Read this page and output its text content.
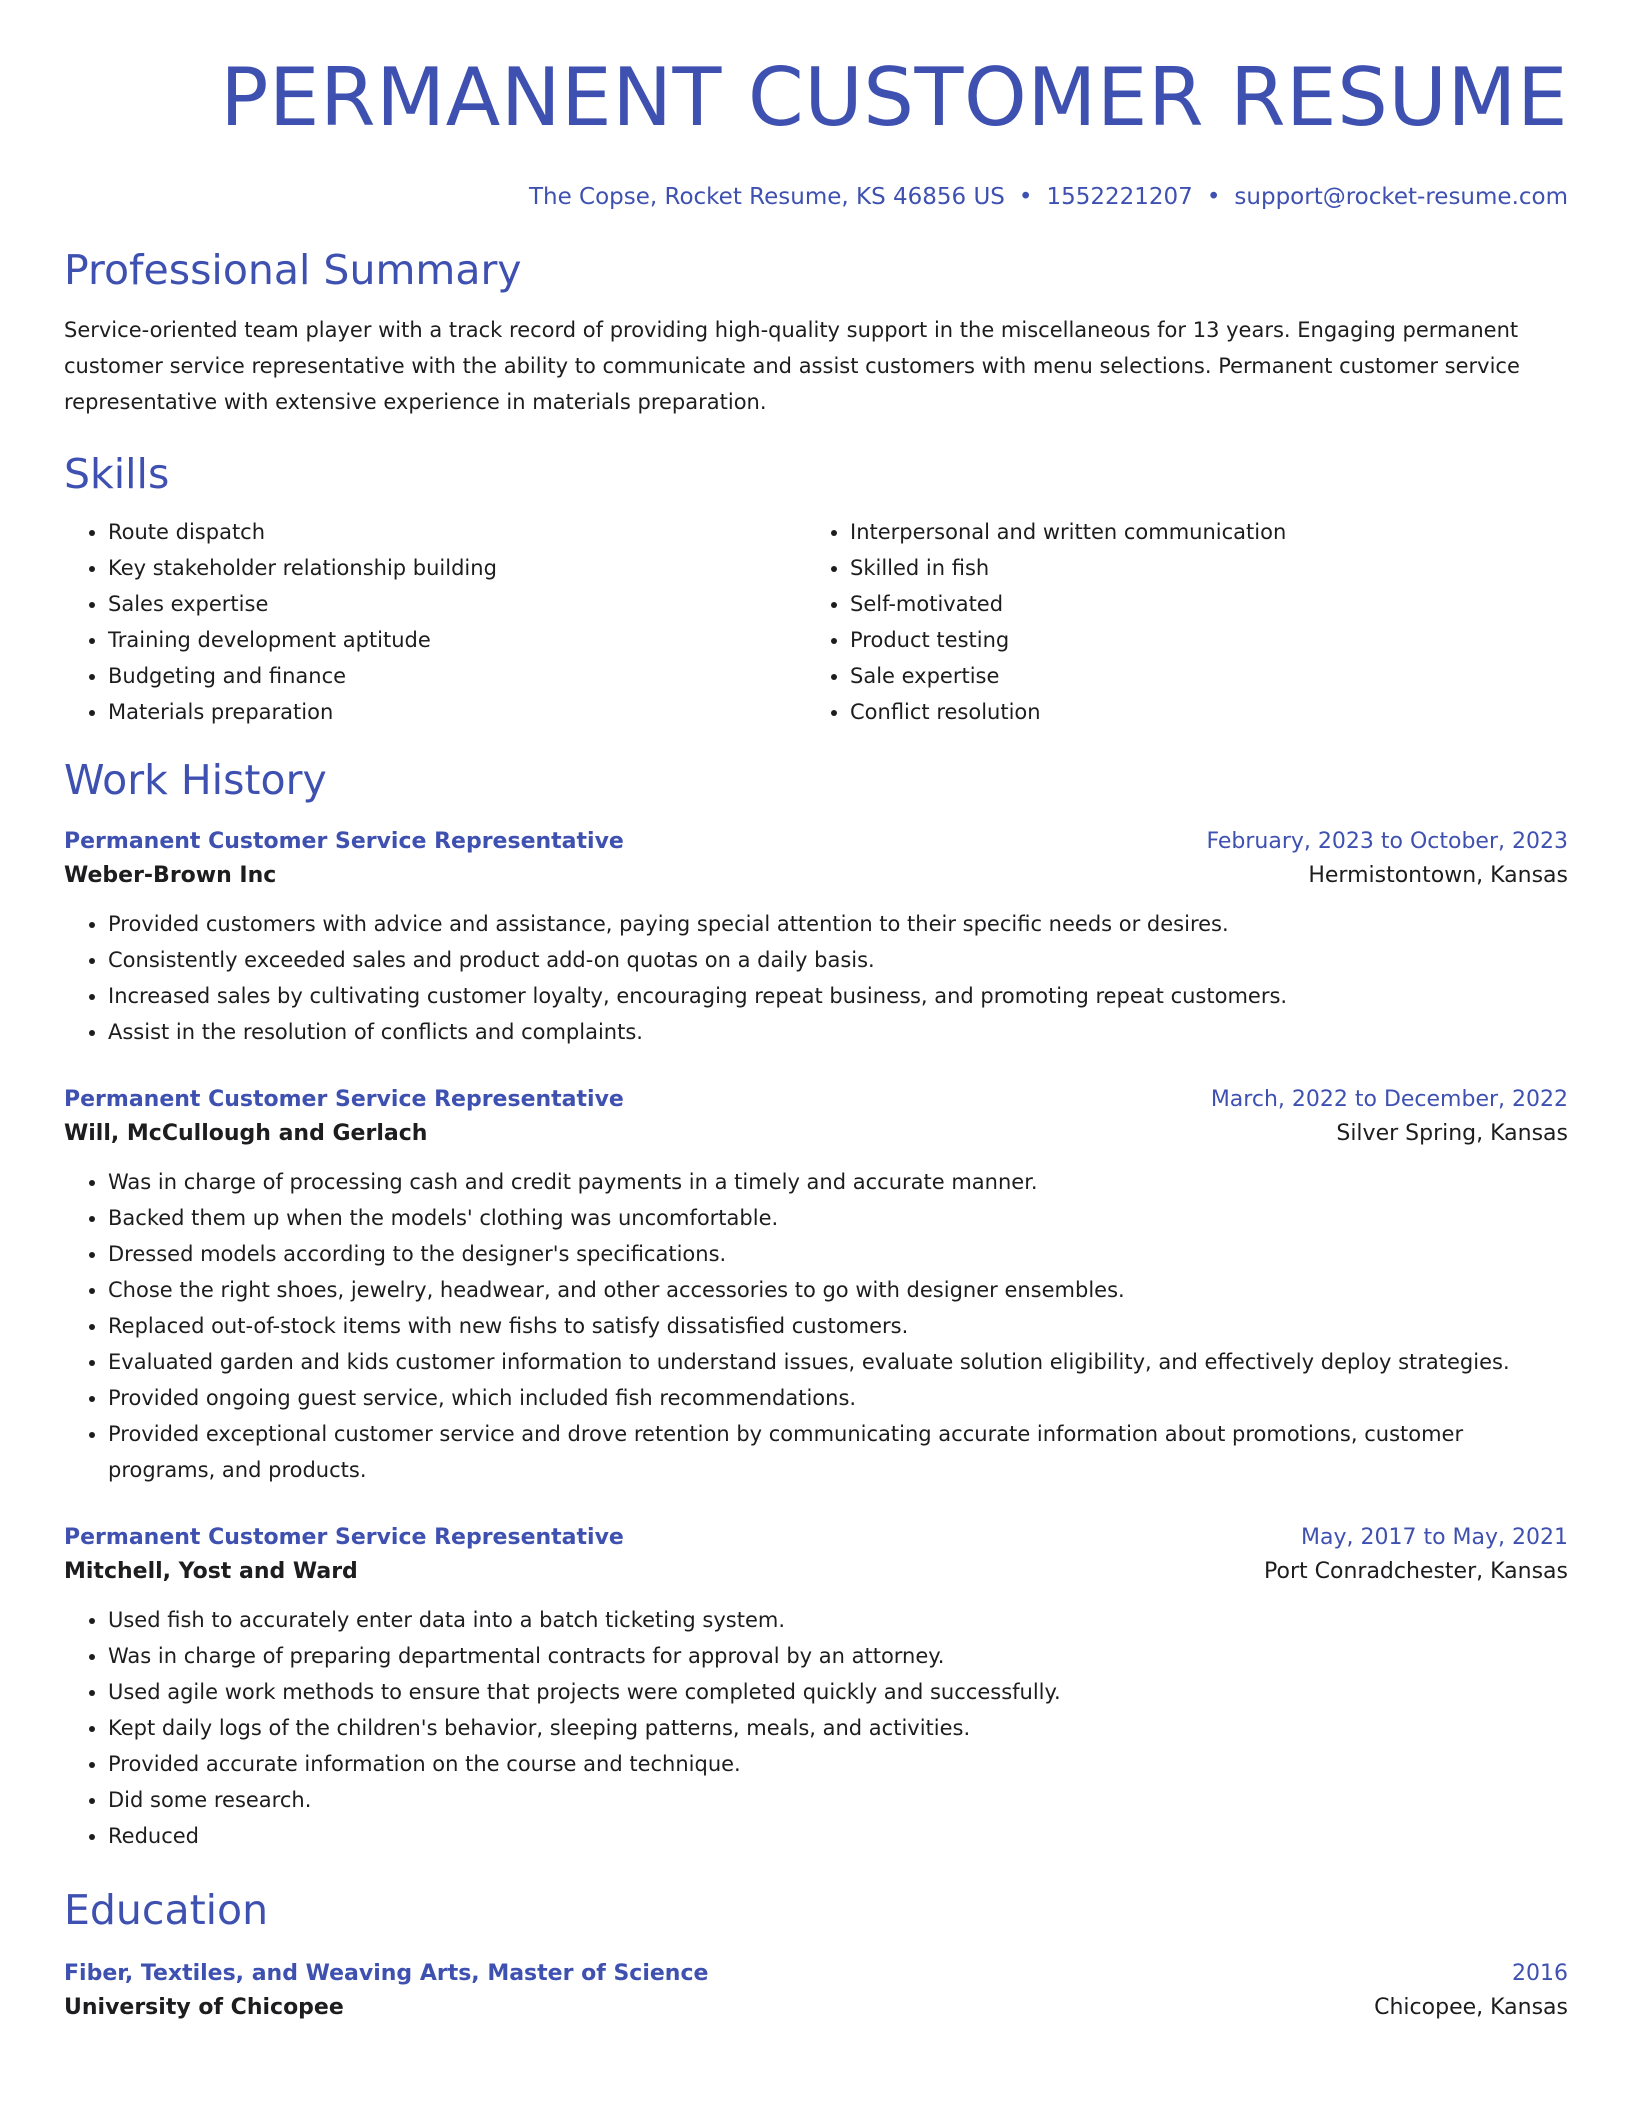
PERMANENT CUSTOMER RESUME
The Copse, Rocket Resume, KS 46856 US • 1552221207 • support@rocket-resume.com
Professional Summary
Service-oriented team player with a track record of providing high-quality support in the miscellaneous for 13 years. Engaging permanent customer service representative with the ability to communicate and assist customers with menu selections. Permanent customer service representative with extensive experience in materials preparation.
Skills
• Route dispatch
• Key stakeholder relationship building
• Sales expertise
• Training development aptitude
• Budgeting and finance
• Materials preparation
• Interpersonal and written communication
• Skilled in fish
• Self-motivated
• Product testing
• Sale expertise
• Conflict resolution
Work History
Permanent Customer Service Representative	February, 2023 to October, 2023
Weber-Brown Inc	Hermistontown, Kansas
• Provided customers with advice and assistance, paying special attention to their specific needs or desires.
• Consistently exceeded sales and product add-on quotas on a daily basis.
• Increased sales by cultivating customer loyalty, encouraging repeat business, and promoting repeat customers.
• Assist in the resolution of conflicts and complaints.
Permanent Customer Service Representative	March, 2022 to December, 2022
Will, McCullough and Gerlach	Silver Spring, Kansas
• Was in charge of processing cash and credit payments in a timely and accurate manner.
• Backed them up when the models' clothing was uncomfortable.
• Dressed models according to the designer's specifications.
• Chose the right shoes, jewelry, headwear, and other accessories to go with designer ensembles.
• Replaced out-of-stock items with new fishs to satisfy dissatisfied customers.
• Evaluated garden and kids customer information to understand issues, evaluate solution eligibility, and effectively deploy strategies.
• Provided ongoing guest service, which included fish recommendations.
• Provided exceptional customer service and drove retention by communicating accurate information about promotions, customer programs, and products.
Permanent Customer Service Representative	May, 2017 to May, 2021
Mitchell, Yost and Ward	Port Conradchester, Kansas
• Used fish to accurately enter data into a batch ticketing system.
• Was in charge of preparing departmental contracts for approval by an attorney.
• Used agile work methods to ensure that projects were completed quickly and successfully.
• Kept daily logs of the children's behavior, sleeping patterns, meals, and activities.
• Provided accurate information on the course and technique.
• Did some research.
• Reduced
Education
Fiber, Textiles, and Weaving Arts, Master of Science	2016
University of Chicopee	Chicopee, Kansas
